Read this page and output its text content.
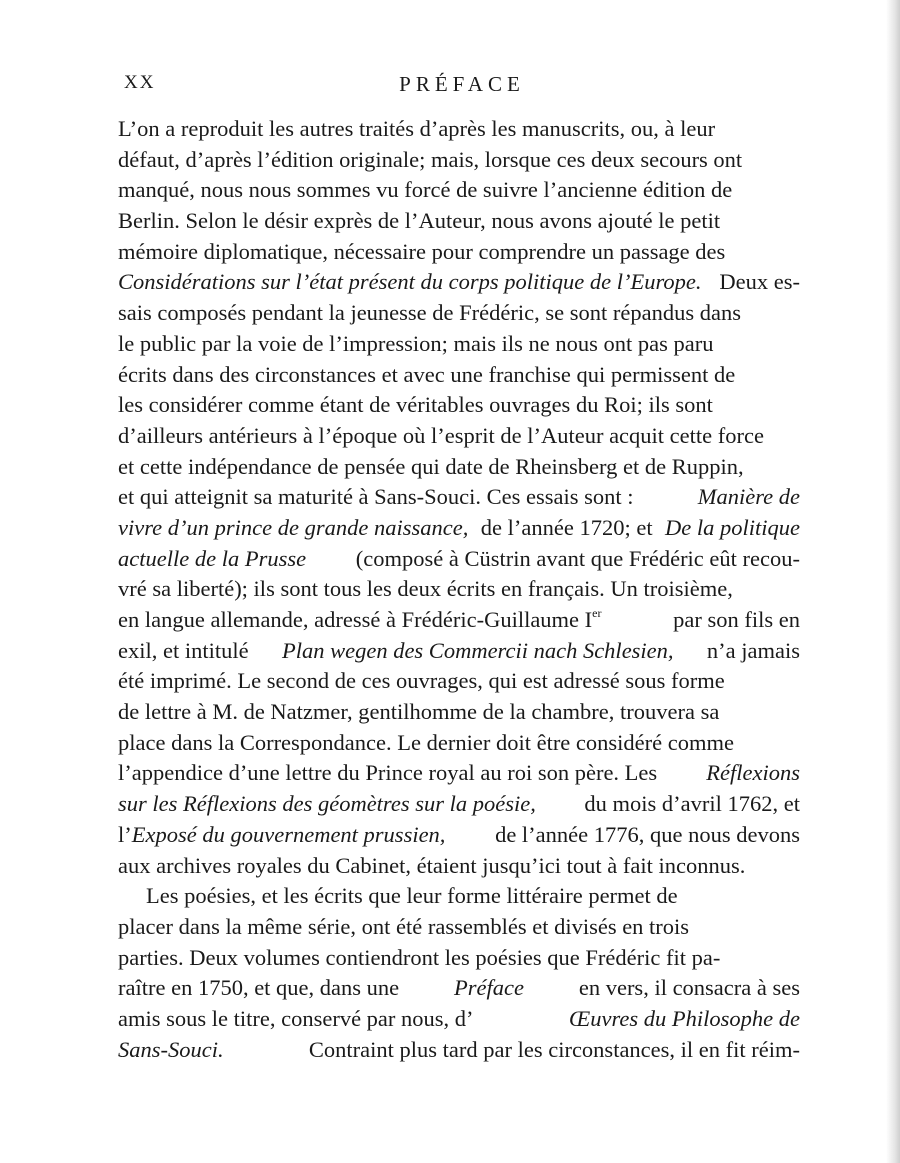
XX	PRÉFACE
L’on a reproduit les autres traités d’après les manuscrits, ou, à leur
défaut, d’après l’édition originale; mais, lorsque ces deux secours ont
manqué, nous nous sommes vu forcé de suivre l’ancienne édition de
Berlin. Selon le désir exprès de l’Auteur, nous avons ajouté le petit
mémoire diplomatique, nécessaire pour comprendre un passage des
Considérations sur l’état présent du corps politique de l’Europe. Deux es-
sais composés pendant la jeunesse de Frédéric, se sont répandus dans
le public par la voie de l’impression; mais ils ne nous ont pas paru
écrits dans des circonstances et avec une franchise qui permissent de
les considérer comme étant de véritables ouvrages du Roi; ils sont
d’ailleurs antérieurs à l’époque où l’esprit de l’Auteur acquit cette force
et cette indépendance de pensée qui date de Rheinsberg et de Ruppin,
et qui atteignit sa maturité à Sans-Souci. Ces essais sont :	Manière de
vivre d’un prince de grande naissance, de l’année 1720; et De la politique
actuelle de la Prusse (composé à Cüstrin avant que Frédéric eût recou-
vré sa liberté); ils sont tous les deux écrits en français. Un troisième,
en langue allemande, adressé à Frédéric-Guillaume Ier	par son fils en
exil, et intitulé Plan wegen des Commercii nach Schlesien, n’a jamais
été imprimé. Le second de ces ouvrages, qui est adressé sous forme
de lettre à M. de Natzmer, gentilhomme de la chambre, trouvera sa
place dans la Correspondance. Le dernier doit être considéré comme
l’appendice d’une lettre du Prince royal au roi son père. Les Réflexions
sur les Réflexions des géomètres sur la poésie, du mois d’avril 1762, et
l’Exposé du gouvernement prussien, de l’année 1776, que nous devons
aux archives royales du Cabinet, étaient jusqu’ici tout à fait inconnus.
Les poésies, et les écrits que leur forme littéraire permet de
placer dans la même série, ont été rassemblés et divisés en trois
parties. Deux volumes contiendront les poésies que Frédéric fit pa-
raître en 1750, et que, dans une Préface en vers, il consacra à ses
amis sous le titre, conservé par nous, d’	Œuvres du Philosophe de
Sans-Souci.	Contraint plus tard par les circonstances, il en fit réim-
